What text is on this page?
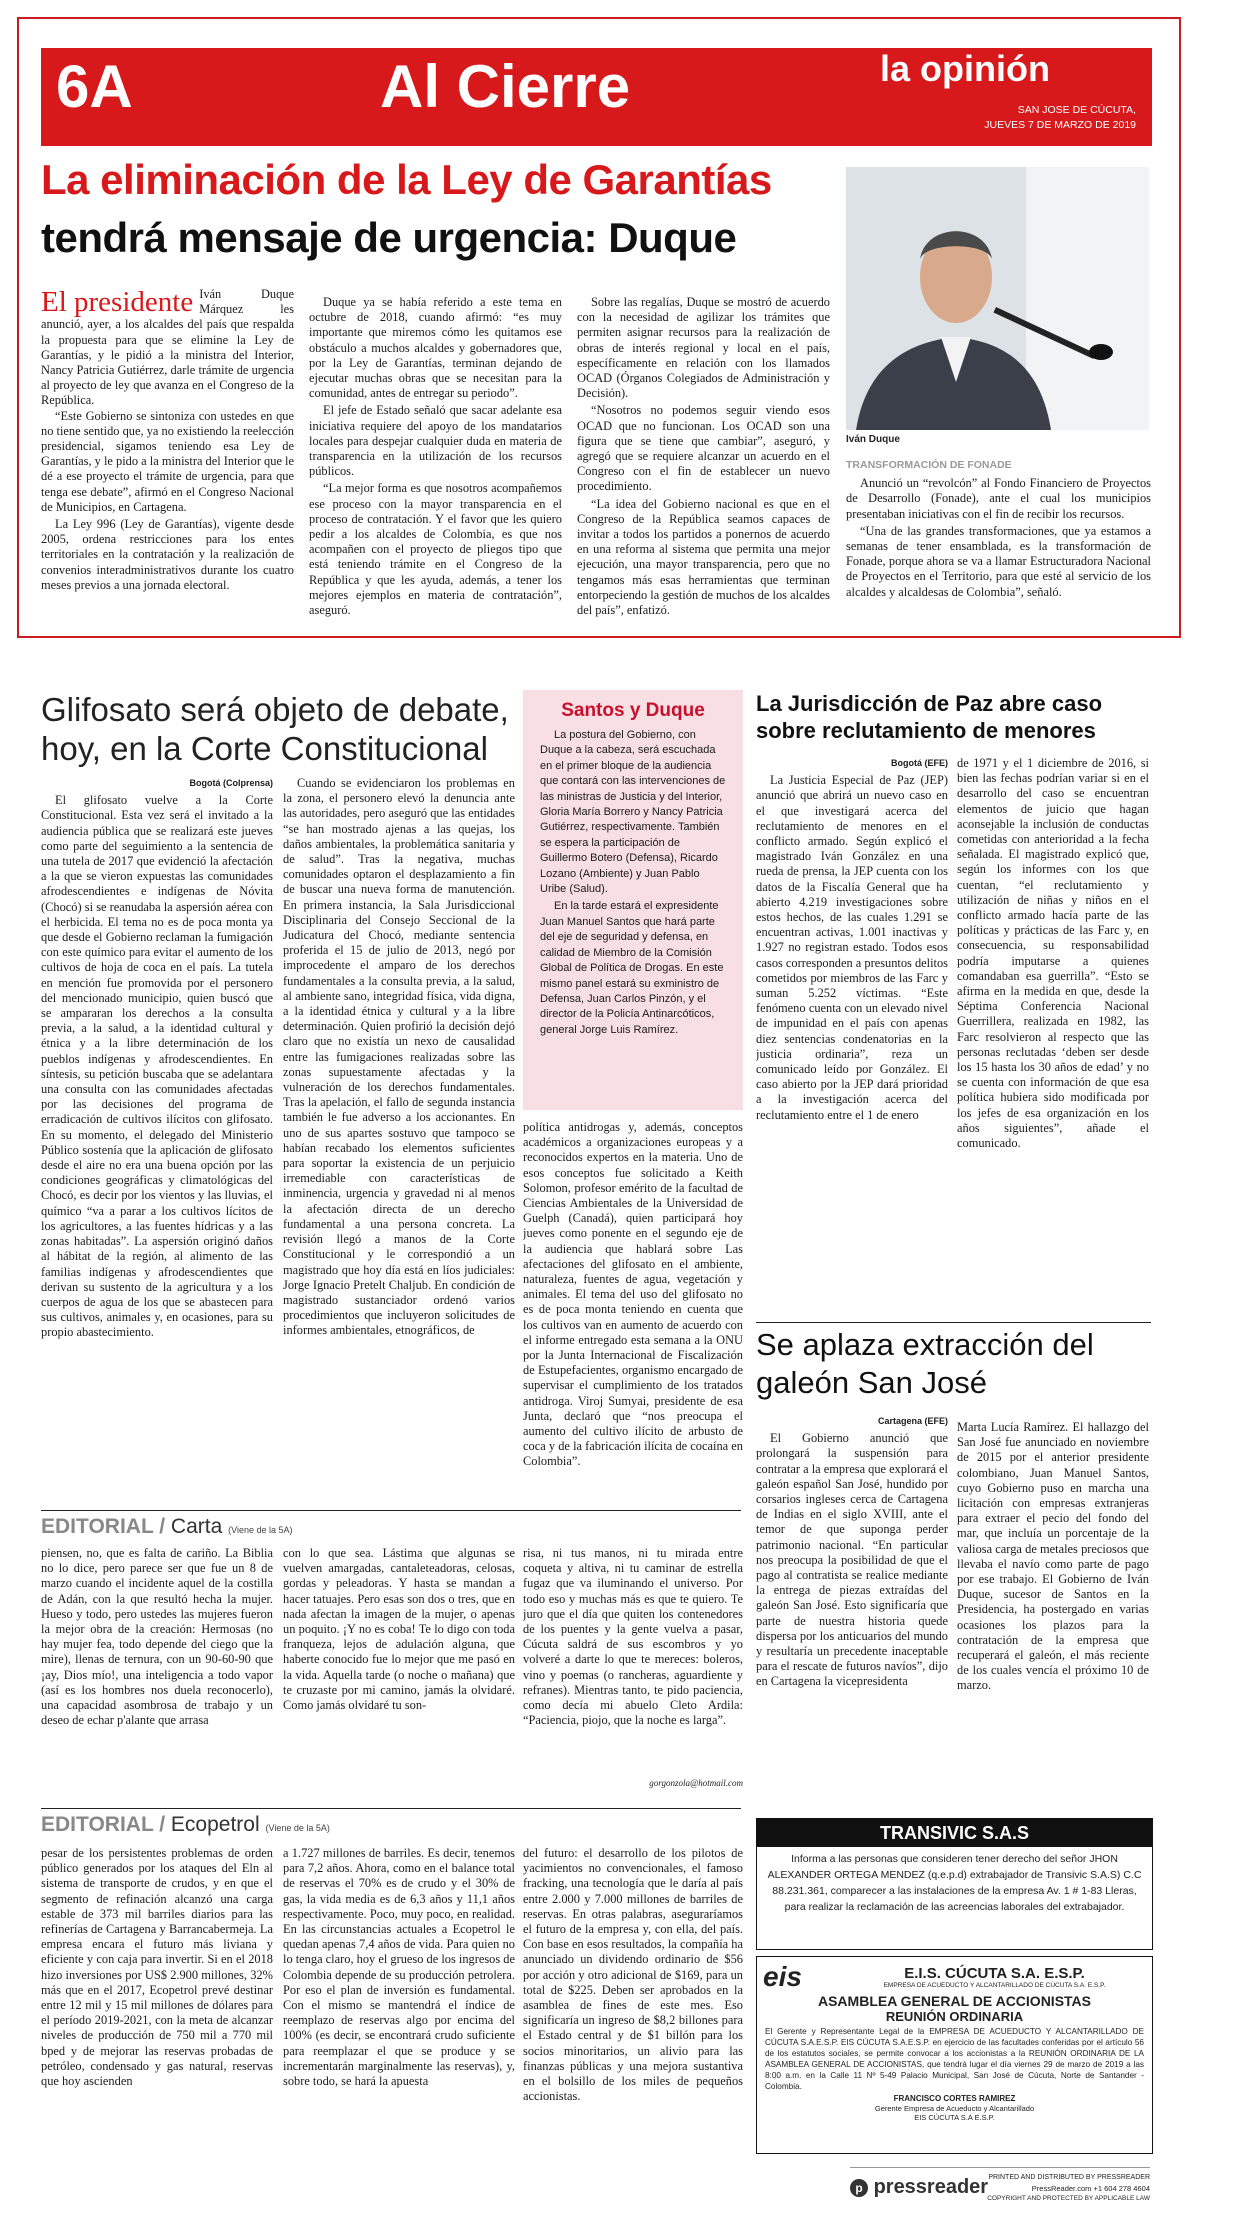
6A	Al Cierre	la opinión
SAN JOSE DE CÚCUTA,
JUEVES 7 DE MARZO DE 2019
La eliminación de la Ley de Garantías
tendrá mensaje de urgencia: Duque
Iván Duque
El presidente Iván Duque Márquez les anunció, ayer, a los alcaldes del país que respalda la propuesta para que se elimine la Ley de Garantías, y le pidió a la ministra del Interior, Nancy Patricia Gutiérrez, darle trámite de urgencia al proyecto de ley que avanza en el Congreso de la República.

“Este Gobierno se sintoniza con ustedes en que no tiene sentido que, ya no existiendo la reelección presidencial, sigamos teniendo esa Ley de Garantías, y le pido a la ministra del Interior que le dé a ese proyecto el trámite de urgencia, para que tenga ese debate”, afirmó en el Congreso Nacional de Municipios, en Cartagena.

La Ley 996 (Ley de Garantías), vigente desde 2005, ordena restricciones para los entes territoriales en la contratación y la realización de convenios interadministrativos durante los cuatro meses previos a una jornada electoral.

Duque ya se había referido a este tema en octubre de 2018, cuando afirmó: “es muy importante que miremos cómo les quitamos ese obstáculo a muchos alcaldes y gobernadores que, por la Ley de Garantías, terminan dejando de ejecutar muchas obras que se necesitan para la comunidad, antes de entregar su periodo”.

El jefe de Estado señaló que sacar adelante esa iniciativa requiere del apoyo de los mandatarios locales para despejar cualquier duda en materia de transparencia en la utilización de los recursos públicos.

“La mejor forma es que nosotros acompañemos ese proceso con la mayor transparencia en el proceso de contratación. Y el favor que les quiero pedir a los alcaldes de Colombia, es que nos acompañen con el proyecto de pliegos tipo que está teniendo trámite en el Congreso de la República y que les ayuda, además, a tener los mejores ejemplos en materia de contratación”, aseguró.

Sobre las regalías, Duque se mostró de acuerdo con la necesidad de agilizar los trámites que permiten asignar recursos para la realización de obras de interés regional y local en el país, específicamente en relación con los llamados OCAD (Órganos Colegiados de Administración y Decisión).

“Nosotros no podemos seguir viendo esos OCAD que no funcionan. Los OCAD son una figura que se tiene que cambiar”, aseguró, y agregó que se requiere alcanzar un acuerdo en el Congreso con el fin de establecer un nuevo procedimiento.

“La idea del Gobierno nacional es que en el Congreso de la República seamos capaces de invitar a todos los partidos a ponernos de acuerdo en una reforma al sistema que permita una mejor ejecución, una mayor transparencia, pero que no tengamos más esas herramientas que terminan entorpeciendo la gestión de muchos de los alcaldes del país”, enfatizó.

TRANSFORMACIÓN DE FONADE

Anunció un “revolcón” al Fondo Financiero de Proyectos de Desarrollo (Fonade), ante el cual los municipios presentaban iniciativas con el fin de recibir los recursos.

“Una de las grandes transformaciones, que ya estamos a semanas de tener ensamblada, es la transformación de Fonade, porque ahora se va a llamar Estructuradora Nacional de Proyectos en el Territorio, para que esté al servicio de los alcaldes y alcaldesas de Colombia”, señaló.

Glifosato será objeto de debate, hoy, en la Corte Constitucional
Bogotá (Colprensa)

El glifosato vuelve a la Corte Constitucional. Esta vez será el invitado a la audiencia pública que se realizará este jueves como parte del seguimiento a la sentencia de una tutela de 2017 que evidenció la afectación a la que se vieron expuestas las comunidades afrodescendientes e indígenas de Nóvita (Chocó) si se reanudaba la aspersión aérea con el herbicida. El tema no es de poca monta ya que desde el Gobierno reclaman la fumigación con este químico para evitar el aumento de los cultivos de hoja de coca en el país. La tutela en mención fue promovida por el personero del mencionado municipio, quien buscó que se ampararan los derechos a la consulta previa, a la salud, a la identidad cultural y étnica y a la libre determinación de los pueblos indígenas y afrodescendientes. En síntesis, su petición buscaba que se adelantara una consulta con las comunidades afectadas por las decisiones del programa de erradicación de cultivos ilícitos con glifosato. En su momento, el delegado del Ministerio Público sostenía que la aplicación de glifosato desde el aire no era una buena opción por las condiciones geográficas y climatológicas del Chocó, es decir por los vientos y las lluvias, el químico “va a parar a los cultivos lícitos de los agricultores, a las fuentes hídricas y a las zonas habitadas”. La aspersión originó daños al hábitat de la región, al alimento de las familias indígenas y afrodescendientes que derivan su sustento de la agricultura y a los cuerpos de agua de los que se abastecen para sus cultivos, animales y, en ocasiones, para su propio abastecimiento.

Cuando se evidenciaron los problemas en la zona, el personero elevó la denuncia ante las autoridades, pero aseguró que las entidades “se han mostrado ajenas a las quejas, los daños ambientales, la problemática sanitaria y de salud”. Tras la negativa, muchas comunidades optaron el desplazamiento a fin de buscar una nueva forma de manutención. En primera instancia, la Sala Jurisdiccional Disciplinaria del Consejo Seccional de la Judicatura del Chocó, mediante sentencia proferida el 15 de julio de 2013, negó por improcedente el amparo de los derechos fundamentales a la consulta previa, a la salud, al ambiente sano, integridad física, vida digna, a la identidad étnica y cultural y a la libre determinación. Quien profirió la decisión dejó claro que no existía un nexo de causalidad entre las fumigaciones realizadas sobre las zonas supuestamente afectadas y la vulneración de los derechos fundamentales. Tras la apelación, el fallo de segunda instancia también le fue adverso a los accionantes. En uno de sus apartes sostuvo que tampoco se habían recabado los elementos suficientes para soportar la existencia de un perjuicio irremediable con características de inminencia, urgencia y gravedad ni al menos la afectación directa de un derecho fundamental a una persona concreta. La revisión llegó a manos de la Corte Constitucional y le correspondió a un magistrado que hoy día está en líos judiciales: Jorge Ignacio Pretelt Chaljub. En condición de magistrado sustanciador ordenó varios procedimientos que incluyeron solicitudes de informes ambientales, etnográficos, de

política antidrogas y, además, conceptos académicos a organizaciones europeas y a reconocidos expertos en la materia. Uno de esos conceptos fue solicitado a Keith Solomon, profesor emérito de la facultad de Ciencias Ambientales de la Universidad de Guelph (Canadá), quien participará hoy jueves como ponente en el segundo eje de la audiencia que hablará sobre Las afectaciones del glifosato en el ambiente, naturaleza, fuentes de agua, vegetación y animales. El tema del uso del glifosato no es de poca monta teniendo en cuenta que los cultivos van en aumento de acuerdo con el informe entregado esta semana a la ONU por la Junta Internacional de Fiscalización de Estupefacientes, organismo encargado de supervisar el cumplimiento de los tratados antidroga. Viroj Sumyai, presidente de esa Junta, declaró que “nos preocupa el aumento del cultivo ilícito de arbusto de coca y de la fabricación ilícita de cocaína en Colombia”.

Santos y Duque

La postura del Gobierno, con Duque a la cabeza, será escuchada en el primer bloque de la audiencia que contará con las intervenciones de las ministras de Justicia y del Interior, Gloria María Borrero y Nancy Patricia Gutiérrez, respectivamente. También se espera la participación de Guillermo Botero (Defensa), Ricardo Lozano (Ambiente) y Juan Pablo Uribe (Salud).

En la tarde estará el expresidente Juan Manuel Santos que hará parte del eje de seguridad y defensa, en calidad de Miembro de la Comisión Global de Política de Drogas. En este mismo panel estará su exministro de Defensa, Juan Carlos Pinzón, y el director de la Policía Antinarcóticos, general Jorge Luis Ramírez.

La Jurisdicción de Paz abre caso sobre reclutamiento de menores
Bogotá (EFE)

La Justicia Especial de Paz (JEP) anunció que abrirá un nuevo caso en el que investigará acerca del reclutamiento de menores en el conflicto armado. Según explicó el magistrado Iván González en una rueda de prensa, la JEP cuenta con los datos de la Fiscalía General que ha abierto 4.219 investigaciones sobre estos hechos, de las cuales 1.291 se encuentran activas, 1.001 inactivas y 1.927 no registran estado. Todos esos casos corresponden a presuntos delitos cometidos por miembros de las Farc y suman 5.252 víctimas. “Este fenómeno cuenta con un elevado nivel de impunidad en el país con apenas diez sentencias condenatorias en la justicia ordinaria”, reza un comunicado leído por González. El caso abierto por la JEP dará prioridad a la investigación acerca del reclutamiento entre el 1 de enero

de 1971 y el 1 diciembre de 2016, si bien las fechas podrían variar si en el desarrollo del caso se encuentran elementos de juicio que hagan aconsejable la inclusión de conductas cometidas con anterioridad a la fecha señalada. El magistrado explicó que, según los informes con los que cuentan, “el reclutamiento y utilización de niñas y niños en el conflicto armado hacía parte de las políticas y prácticas de las Farc y, en consecuencia, su responsabilidad podría imputarse a quienes comandaban esa guerrilla”. “Esto se afirma en la medida en que, desde la Séptima Conferencia Nacional Guerrillera, realizada en 1982, las Farc resolvieron al respecto que las personas reclutadas ‘deben ser desde los 15 hasta los 30 años de edad’ y no se cuenta con información de que esa política hubiera sido modificada por los jefes de esa organización en los años siguientes”, añade el comunicado.

Se aplaza extracción del galeón San José
Cartagena (EFE)

El Gobierno anunció que prolongará la suspensión para contratar a la empresa que explorará el galeón español San José, hundido por corsarios ingleses cerca de Cartagena de Indias en el siglo XVIII, ante el temor de que suponga perder patrimonio nacional. “En particular nos preocupa la posibilidad de que el pago al contratista se realice mediante la entrega de piezas extraídas del galeón San José. Esto significaría que parte de nuestra historia quede dispersa por los anticuarios del mundo y resultaría un precedente inaceptable para el rescate de futuros navíos”, dijo en Cartagena la vicepresidenta

Marta Lucía Ramírez. El hallazgo del San José fue anunciado en noviembre de 2015 por el anterior presidente colombiano, Juan Manuel Santos, cuyo Gobierno puso en marcha una licitación con empresas extranjeras para extraer el pecio del fondo del mar, que incluía un porcentaje de la valiosa carga de metales preciosos que llevaba el navío como parte de pago por ese trabajo. El Gobierno de Iván Duque, sucesor de Santos en la Presidencia, ha postergado en varias ocasiones los plazos para la contratación de la empresa que recuperará el galeón, el más reciente de los cuales vencía el próximo 10 de marzo.

EDITORIAL / Carta (Viene de la 5A)

piensen, no, que es falta de cariño. La Biblia no lo dice, pero parece ser que fue un 8 de marzo cuando el incidente aquel de la costilla de Adán, con la que resultó hecha la mujer. Hueso y todo, pero ustedes las mujeres fueron la mejor obra de la creación: Hermosas (no hay mujer fea, todo depende del ciego que la mire), llenas de ternura, con un 90-60-90 que ¡ay, Dios mío!, una inteligencia a todo vapor (así es los hombres nos duela reconocerlo), una capacidad asombrosa de trabajo y un deseo de echar p'alante que arrasa

con lo que sea. Lástima que algunas se vuelven amargadas, cantaleteadoras, celosas, gordas y peleadoras. Y hasta se mandan a hacer tatuajes. Pero esas son dos o tres, que en nada afectan la imagen de la mujer, o apenas un poquito. ¡Y no es coba! Te lo digo con toda franqueza, lejos de adulación alguna, que haberte conocido fue lo mejor que me pasó en la vida. Aquella tarde (o noche o mañana) que te cruzaste por mi camino, jamás la olvidaré. Como jamás olvidaré tu son-

risa, ni tus manos, ni tu mirada entre coqueta y altiva, ni tu caminar de estrella fugaz que va iluminando el universo. Por todo eso y muchas más es que te quiero. Te juro que el día que quiten los contenedores de los puentes y la gente vuelva a pasar, Cúcuta saldrá de sus escombros y yo volveré a darte lo que te mereces: boleros, vino y poemas (o rancheras, aguardiente y refranes). Mientras tanto, te pido paciencia, como decía mi abuelo Cleto Ardila: “Paciencia, piojo, que la noche es larga”.

gorgonzola@hotmail.com
EDITORIAL / Ecopetrol (Viene de la 5A)

pesar de los persistentes problemas de orden público generados por los ataques del Eln al sistema de transporte de crudos, y en que el segmento de refinación alcanzó una carga estable de 373 mil barriles diarios para las refinerías de Cartagena y Barrancabermeja. La empresa encara el futuro más liviana y eficiente y con caja para invertir. Si en el 2018 hizo inversiones por US$ 2.900 millones, 32% más que en el 2017, Ecopetrol prevé destinar entre 12 mil y 15 mil millones de dólares para el período 2019-2021, con la meta de alcanzar niveles de producción de 750 mil a 770 mil bped y de mejorar las reservas probadas de petróleo, condensado y gas natural, reservas que hoy ascienden

a 1.727 millones de barriles. Es decir, tenemos para 7,2 años. Ahora, como en el balance total de reservas el 70% es de crudo y el 30% de gas, la vida media es de 6,3 años y 11,1 años respectivamente. Poco, muy poco, en realidad. En las circunstancias actuales a Ecopetrol le quedan apenas 7,4 años de vida. Para quien no lo tenga claro, hoy el grueso de los ingresos de Colombia depende de su producción petrolera. Por eso el plan de inversión es fundamental. Con el mismo se mantendrá el índice de reemplazo de reservas algo por encima del 100% (es decir, se encontrará crudo suficiente para reemplazar el que se produce y se incrementarán marginalmente las reservas), y, sobre todo, se hará la apuesta

del futuro: el desarrollo de los pilotos de yacimientos no convencionales, el famoso fracking, una tecnología que le daría al país entre 2.000 y 7.000 millones de barriles de reservas. En otras palabras, aseguraríamos el futuro de la empresa y, con ella, del país. Con base en esos resultados, la compañía ha anunciado un dividendo ordinario de $56 por acción y otro adicional de $169, para un total de $225. Deben ser aprobados en la asamblea de fines de este mes. Eso significaría un ingreso de $8,2 billones para el Estado central y de $1 billón para los socios minoritarios, un alivio para las finanzas públicas y una mejora sustantiva en el bolsillo de los miles de pequeños accionistas.

TRANSIVIC S.A.S
Informa a las personas que consideren tener derecho del señor JHON ALEXANDER ORTEGA MENDEZ (q.e.p.d) extrabajador de Transivic S.A.S) C.C 88.231.361, comparecer a las instalaciones de la empresa Av. 1 # 1-83 Lleras, para realizar la reclamación de las acreencias laborales del extrabajador.
eis	E.I.S. CÚCUTA S.A. E.S.P.
EMPRESA DE ACUEDUCTO Y ALCANTARILLADO DE CÚCUTA S.A. E.S.P.
ASAMBLEA GENERAL DE ACCIONISTAS
REUNIÓN ORDINARIA
El Gerente y Representante Legal de la EMPRESA DE ACUEDUCTO Y ALCANTARILLADO DE CÚCUTA S.A.E.S.P. EIS CÚCUTA S.A.E.S.P. en ejercicio de las facultades conferidas por el artículo 56 de los estatutos sociales, se permite convocar a los accionistas a la REUNIÓN ORDINARIA DE LA ASAMBLEA GENERAL DE ACCIONISTAS, que tendrá lugar el día viernes 29 de marzo de 2019 a las 8:00 a.m. en la Calle 11 Nº 5-49 Palacio Municipal, San José de Cúcuta, Norte de Santander - Colombia.
FRANCISCO CORTES RAMIREZ
Gerente Empresa de Acueducto y Alcantarillado
EIS CÚCUTA S.A E.S.P.
p pressreader PRINTED AND DISTRIBUTED BY PRESSREADER
PressReader.com +1 604 278 4604
COPYRIGHT AND PROTECTED BY APPLICABLE LAW
